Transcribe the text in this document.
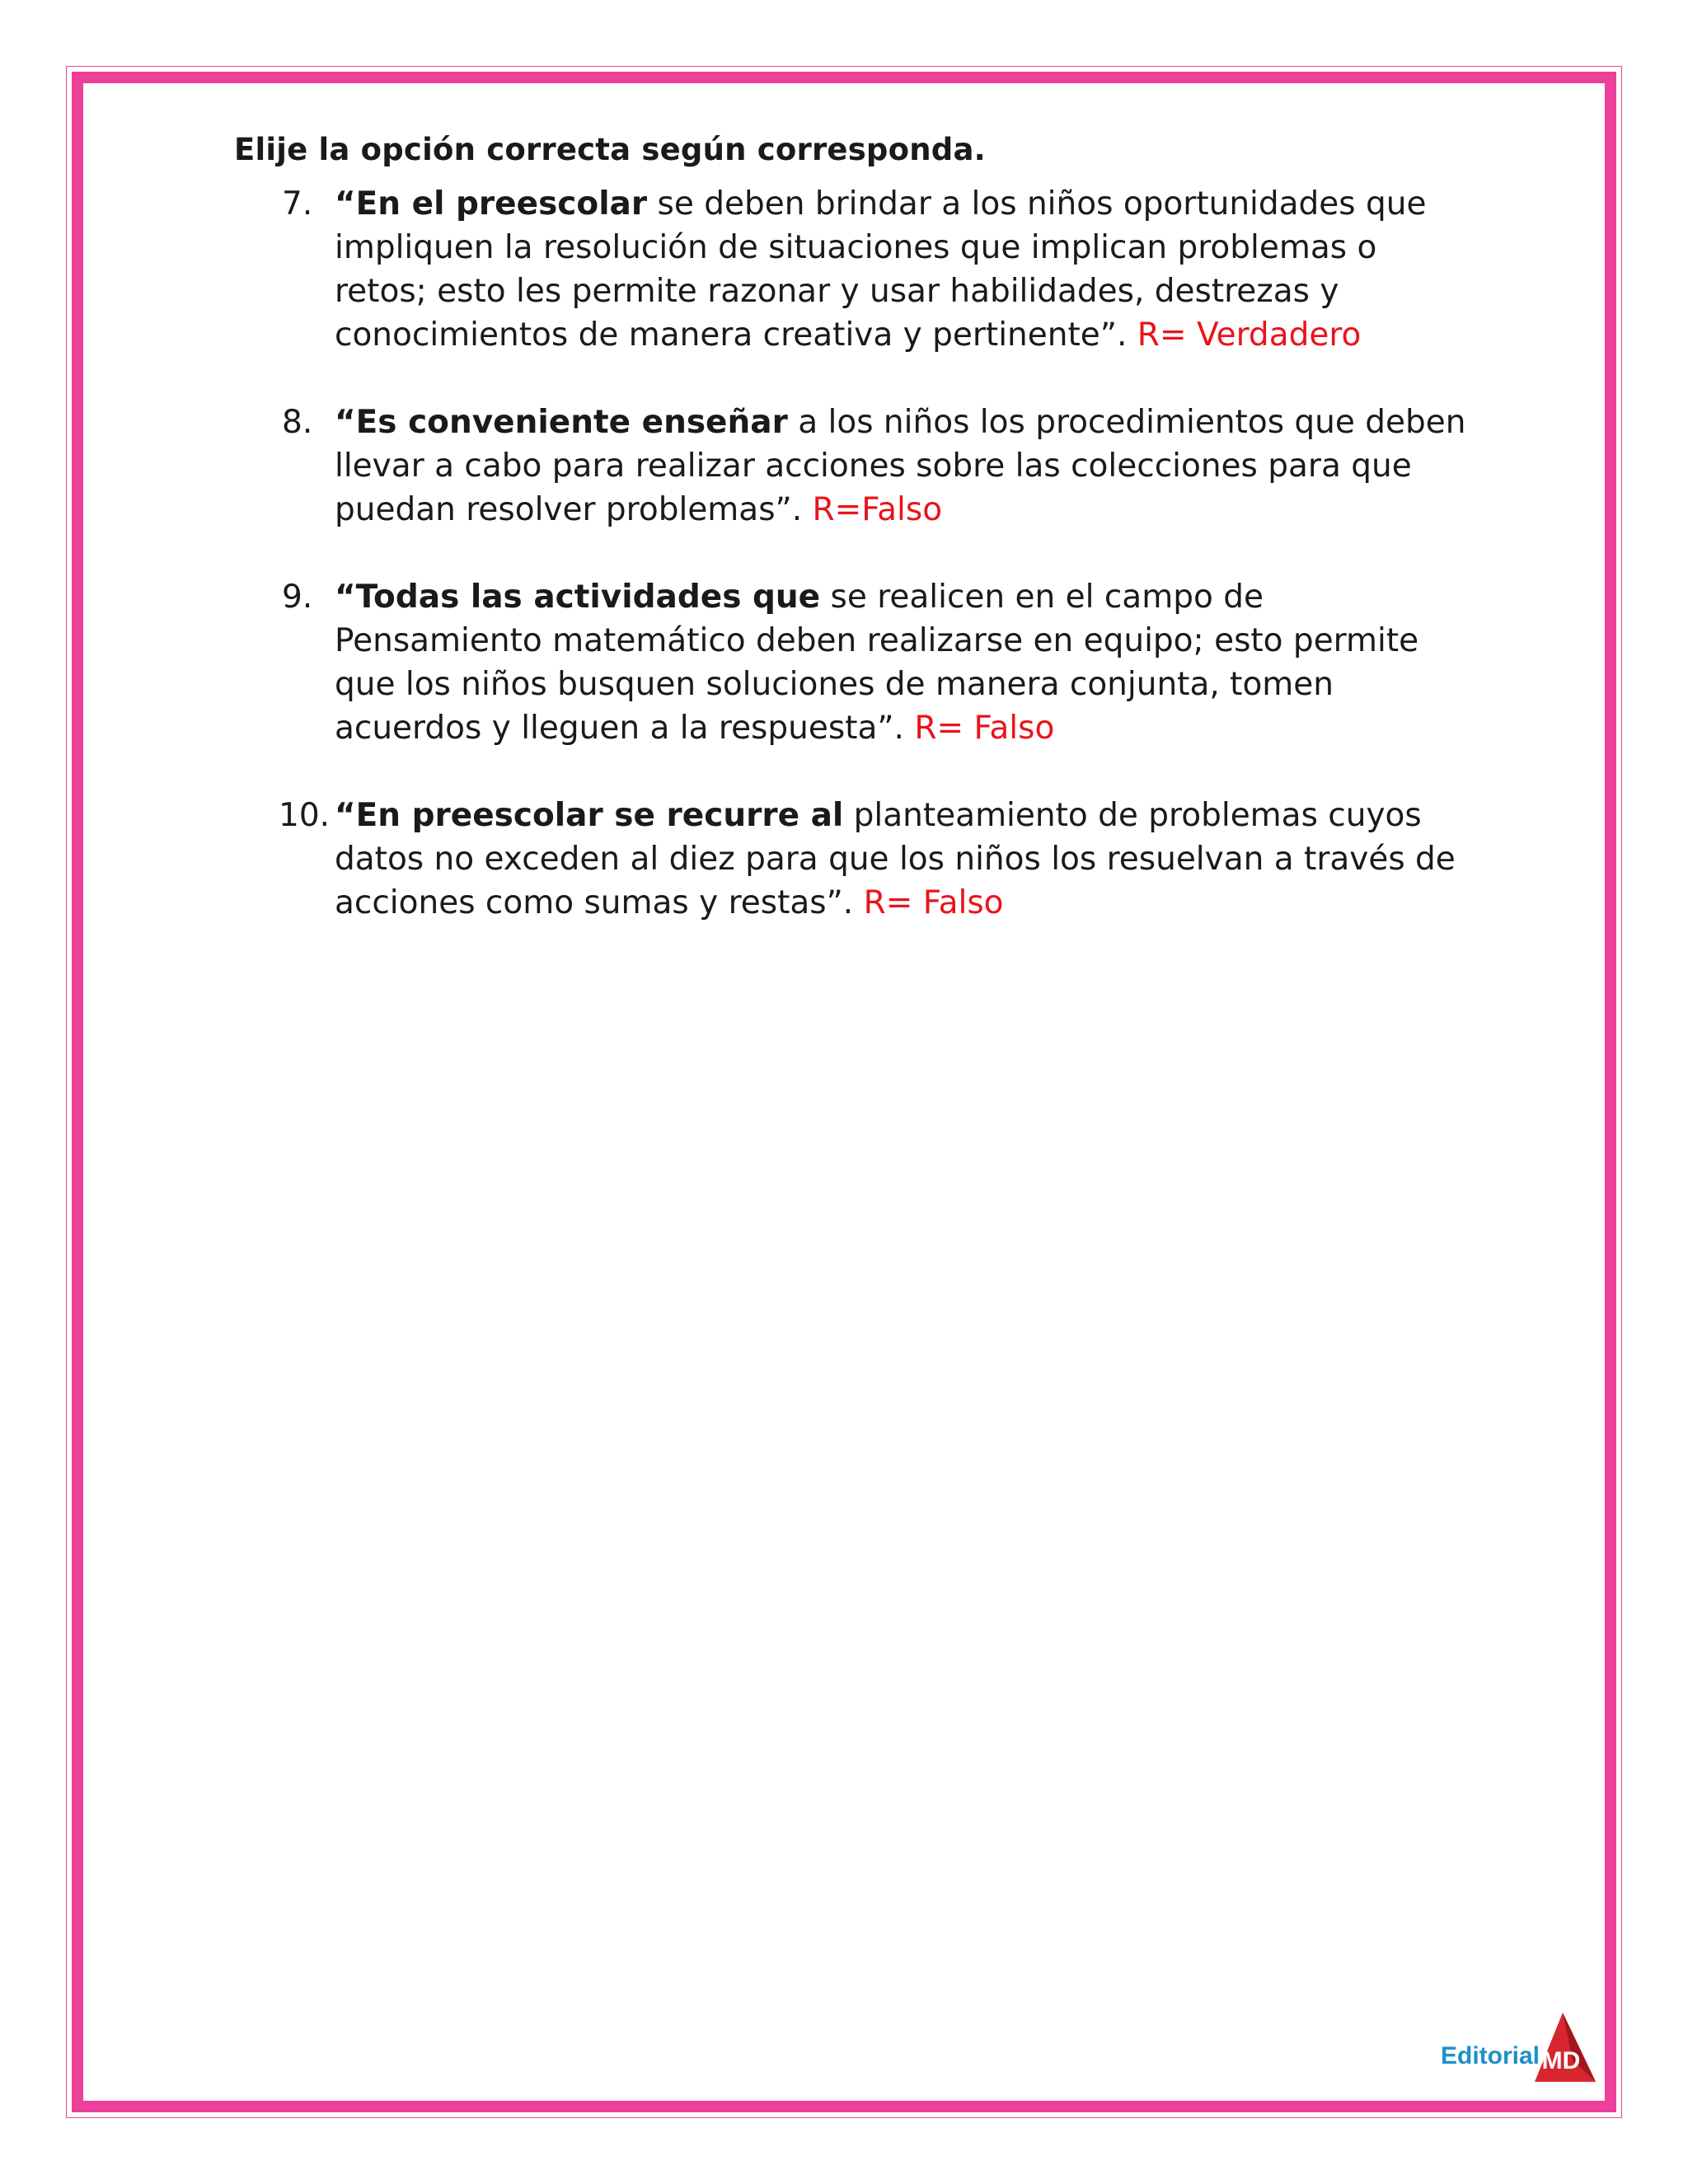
Elije la opción correcta según corresponda.

7. “En el preescolar se deben brindar a los niños oportunidades que impliquen la resolución de situaciones que implican problemas o retos; esto les permite razonar y usar habilidades, destrezas y conocimientos de manera creativa y pertinente”. R= Verdadero
8. “Es conveniente enseñar a los niños los procedimientos que deben llevar a cabo para realizar acciones sobre las colecciones para que puedan resolver problemas”. R=Falso
9. “Todas las actividades que se realicen en el campo de Pensamiento matemático deben realizarse en equipo; esto permite que los niños busquen soluciones de manera conjunta, tomen acuerdos y lleguen a la respuesta”. R= Falso
10. “En preescolar se recurre al planteamiento de problemas cuyos datos no exceden al diez para que los niños los resuelvan a través de acciones como sumas y restas”. R= Falso
Editorial MD
